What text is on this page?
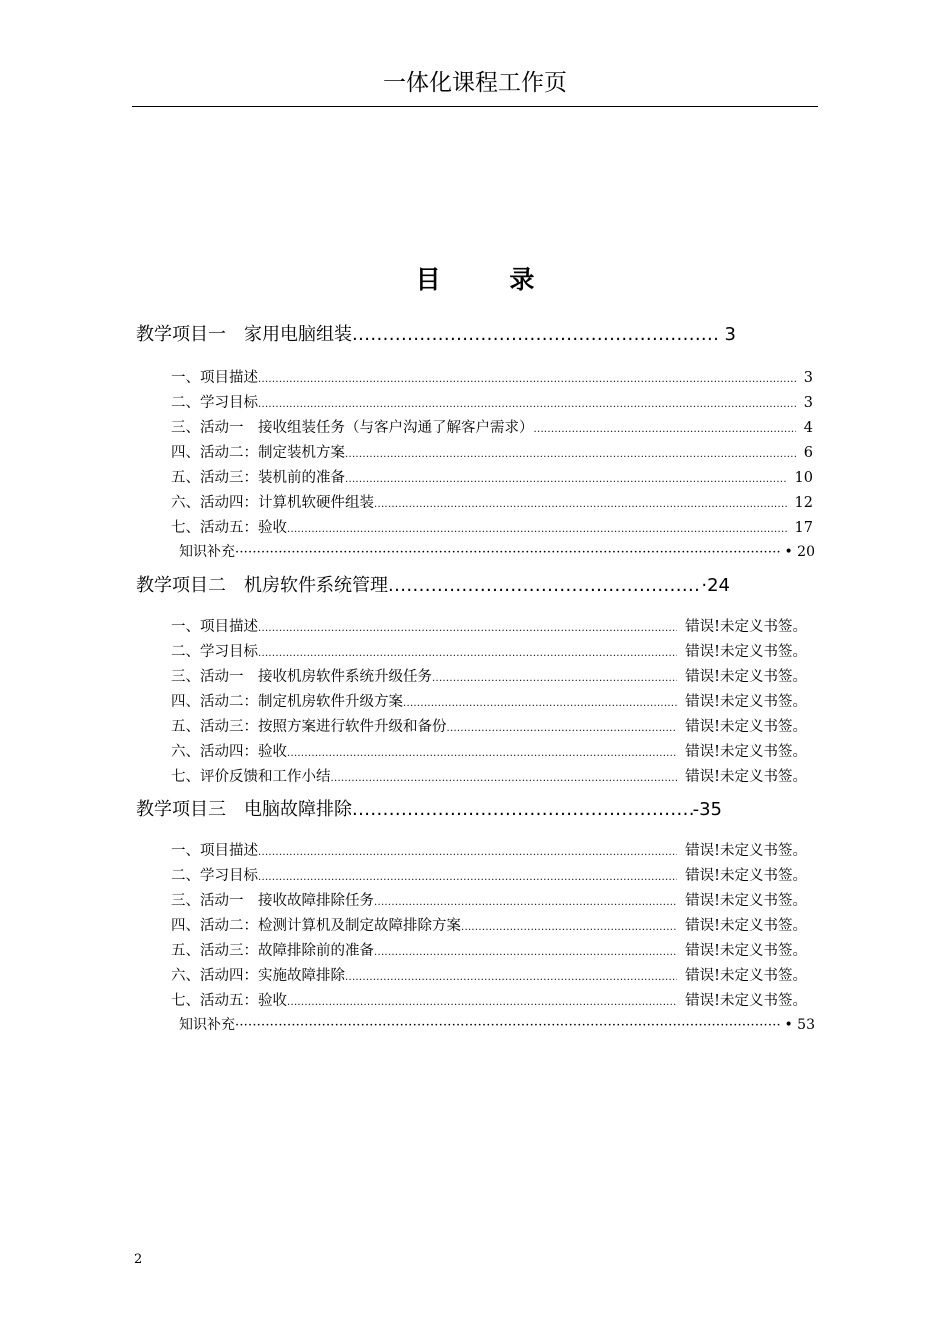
一体化课程工作页
目 录
教学项目一　家用电脑组装 .....	3
一、项目描述 .....	3
二、学习目标 .....	3
三、活动一　接收组装任务（与客户沟通了解客户需求） .....	4
四、活动二：制定装机方案 .....	6
五、活动三：装机前的准备 .....	10
六、活动四：计算机软硬件组装 .....	12
七、活动五：验收 .....	17
知识补充 ·····	• 20
教学项目二　机房软件系统管理 .....	·24
一、项目描述 .....	错误!未定义书签。
二、学习目标 .....	错误!未定义书签。
三、活动一　接收机房软件系统升级任务 .....	错误!未定义书签。
四、活动二：制定机房软件升级方案 .....	错误!未定义书签。
五、活动三：按照方案进行软件升级和备份 .....	错误!未定义书签。
六、活动四：验收 .....	错误!未定义书签。
七、评价反馈和工作小结 .....	错误!未定义书签。
教学项目三　电脑故障排除 .....	-35
一、项目描述 .....	错误!未定义书签。
二、学习目标 .....	错误!未定义书签。
三、活动一　接收故障排除任务 .....	错误!未定义书签。
四、活动二：检测计算机及制定故障排除方案 .....	错误!未定义书签。
五、活动三：故障排除前的准备 .....	错误!未定义书签。
六、活动四：实施故障排除 .....	错误!未定义书签。
七、活动五：验收 .....	错误!未定义书签。
知识补充 ·····	• 53
2
